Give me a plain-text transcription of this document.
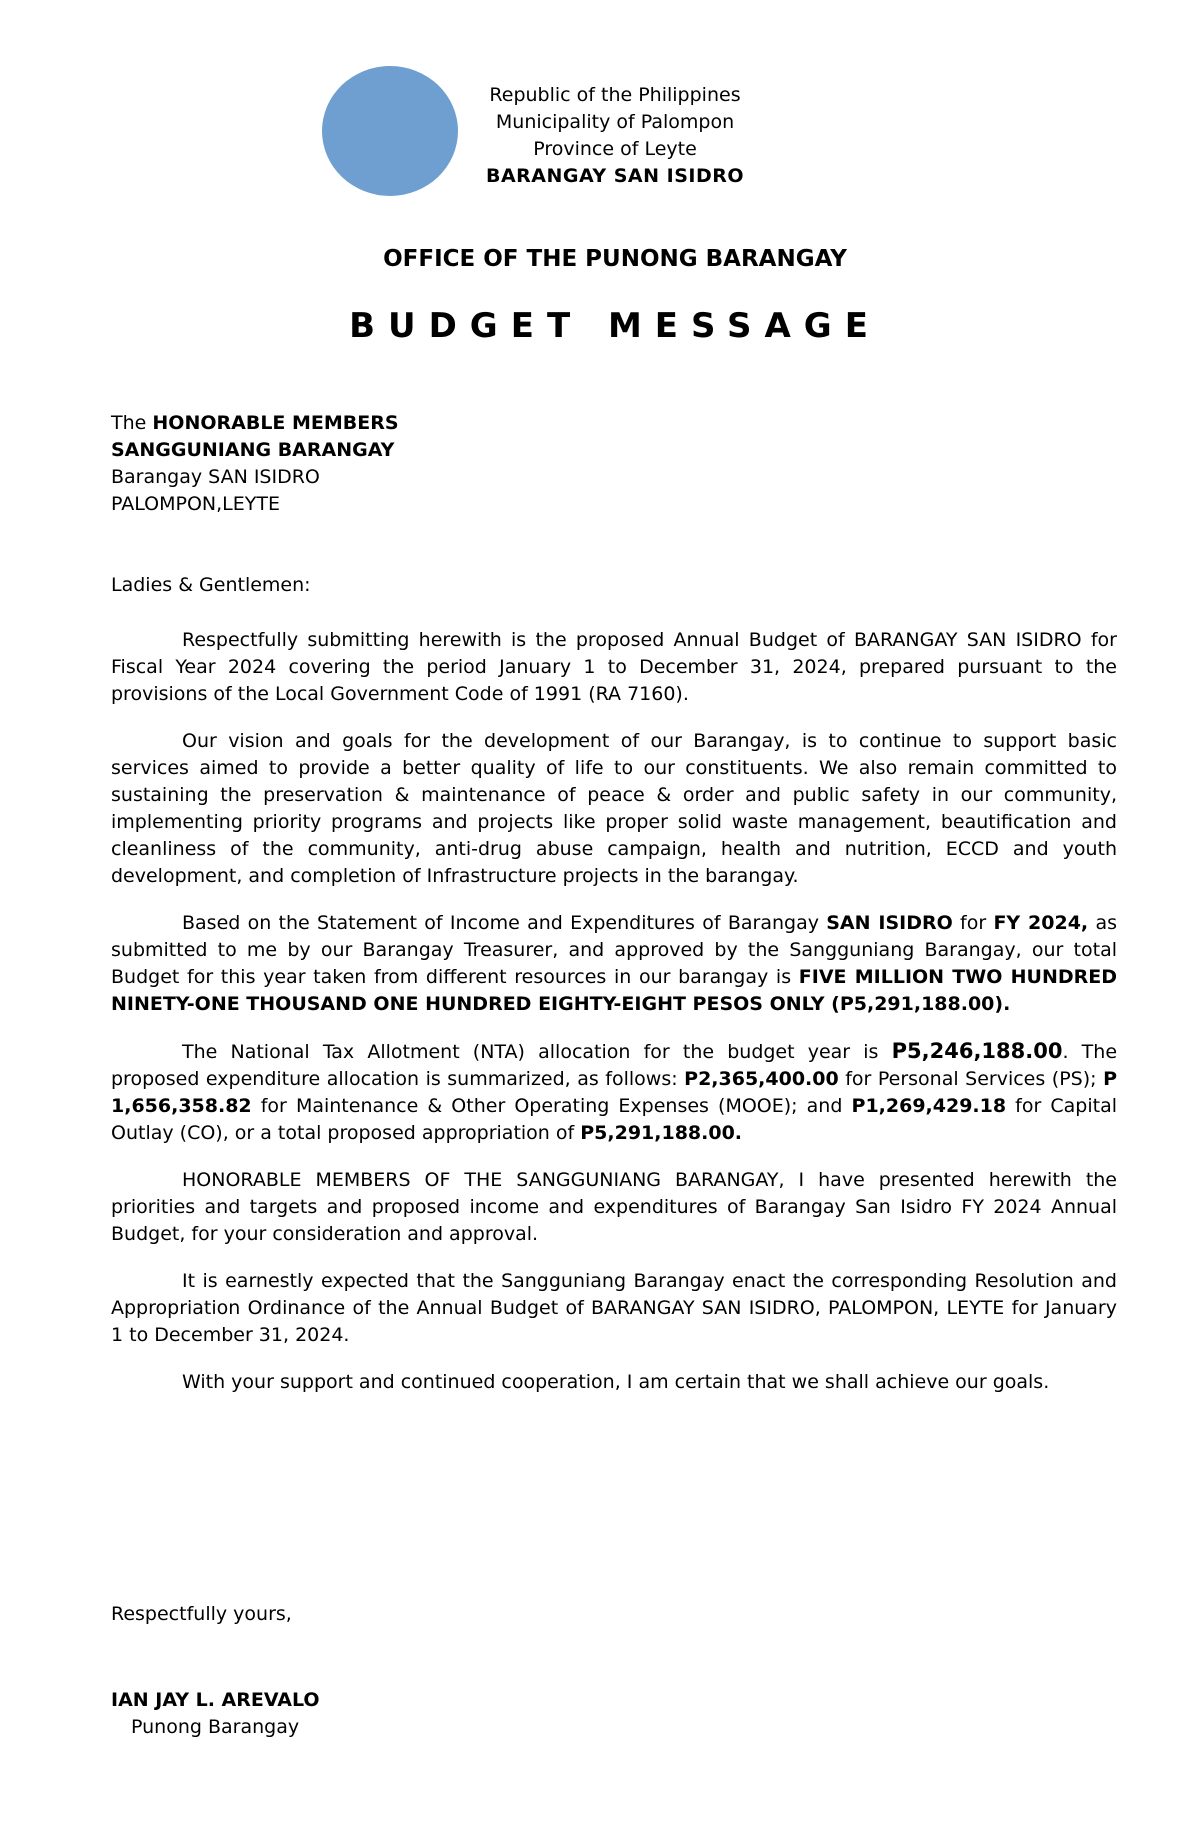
Republic of the Philippines
Municipality of Palompon
Province of Leyte
BARANGAY SAN ISIDRO
OFFICE OF THE PUNONG BARANGAY
BUDGET MESSAGE
The HONORABLE MEMBERS
SANGGUNIANG BARANGAY
Barangay SAN ISIDRO
PALOMPON,LEYTE
Ladies & Gentlemen:

Respectfully submitting herewith is the proposed Annual Budget of BARANGAY SAN ISIDRO for Fiscal Year 2024 covering the period January 1 to December 31, 2024, prepared pursuant to the provisions of the Local Government Code of 1991 (RA 7160).

Our vision and goals for the development of our Barangay, is to continue to support basic services aimed to provide a better quality of life to our constituents. We also remain committed to sustaining the preservation & maintenance of peace & order and public safety in our community, implementing priority programs and projects like proper solid waste management, beautification and cleanliness of the community, anti-drug abuse campaign, health and nutrition, ECCD and youth development, and completion of Infrastructure projects in the barangay.

Based on the Statement of Income and Expenditures of Barangay SAN ISIDRO for FY 2024, as submitted to me by our Barangay Treasurer, and approved by the Sangguniang Barangay, our total Budget for this year taken from different resources in our barangay is FIVE MILLION TWO HUNDRED NINETY-ONE THOUSAND ONE HUNDRED EIGHTY-EIGHT PESOS ONLY (P5,291,188.00).

The National Tax Allotment (NTA) allocation for the budget year is P5,246,188.00. The proposed expenditure allocation is summarized, as follows: P2,365,400.00 for Personal Services (PS); P 1,656,358.82 for Maintenance & Other Operating Expenses (MOOE); and P1,269,429.18 for Capital Outlay (CO), or a total proposed appropriation of P5,291,188.00.

HONORABLE MEMBERS OF THE SANGGUNIANG BARANGAY, I have presented herewith the priorities and targets and proposed income and expenditures of Barangay San Isidro FY 2024 Annual Budget, for your consideration and approval.

It is earnestly expected that the Sangguniang Barangay enact the corresponding Resolution and Appropriation Ordinance of the Annual Budget of BARANGAY SAN ISIDRO, PALOMPON, LEYTE for January 1 to December 31, 2024.

With your support and continued cooperation, I am certain that we shall achieve our goals.

Respectfully yours,
IAN JAY L. AREVALO
Punong Barangay
